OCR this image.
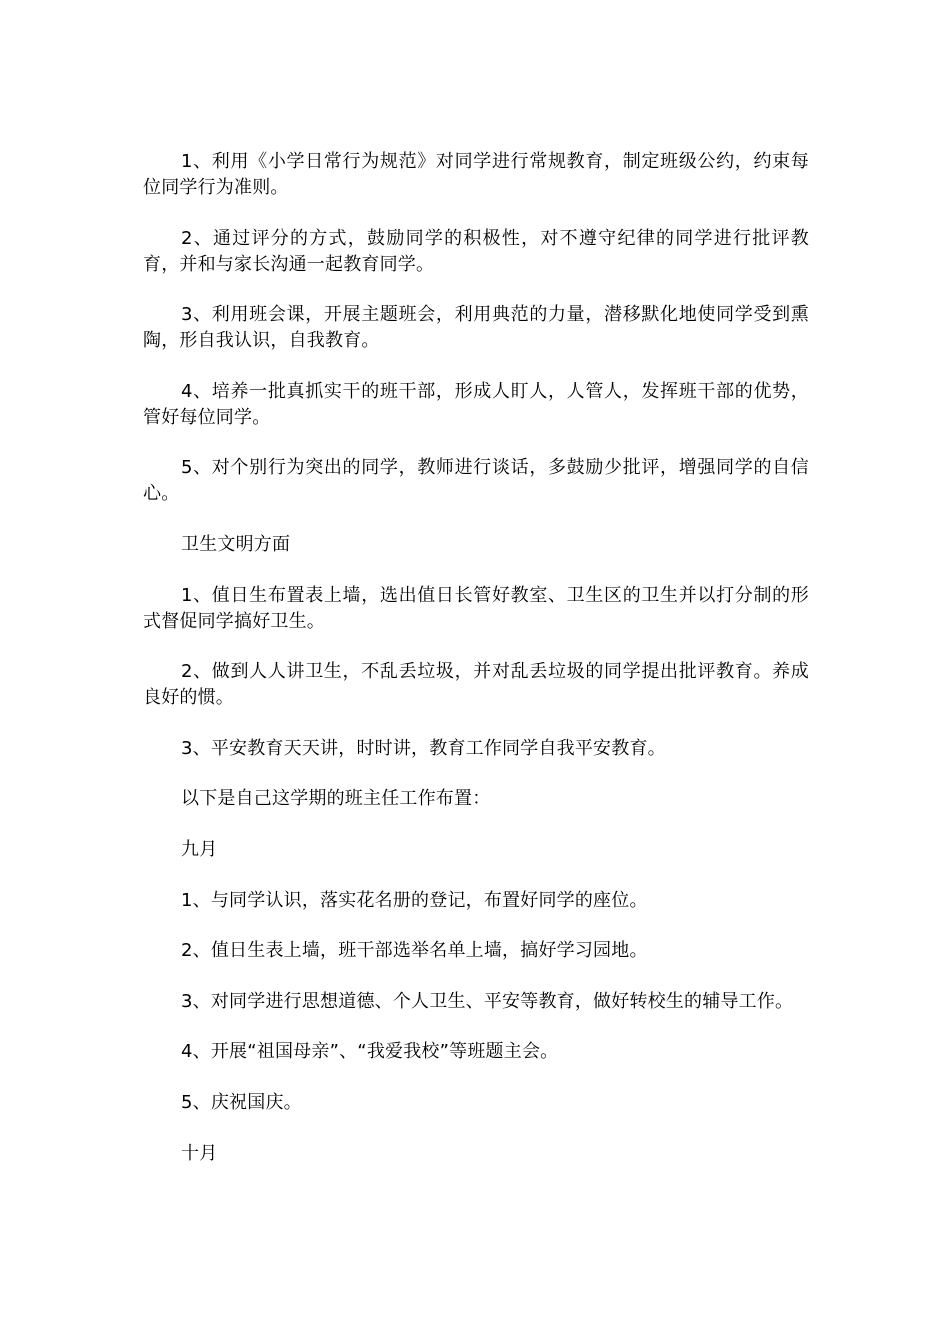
1、利用《小学日常行为规范》对同学进行常规教育，制定班级公约，约束每位同学行为准则。

2、通过评分的方式，鼓励同学的积极性，对不遵守纪律的同学进行批评教育，并和与家长沟通一起教育同学。

3、利用班会课，开展主题班会，利用典范的力量，潜移默化地使同学受到熏陶，形自我认识，自我教育。

4、培养一批真抓实干的班干部，形成人盯人，人管人，发挥班干部的优势，管好每位同学。

5、对个别行为突出的同学，教师进行谈话，多鼓励少批评，增强同学的自信心。

卫生文明方面

1、值日生布置表上墙，选出值日长管好教室、卫生区的卫生并以打分制的形式督促同学搞好卫生。

2、做到人人讲卫生，不乱丢垃圾，并对乱丢垃圾的同学提出批评教育。养成良好的惯。

3、平安教育天天讲，时时讲，教育工作同学自我平安教育。

以下是自己这学期的班主任工作布置：

九月

1、与同学认识，落实花名册的登记，布置好同学的座位。

2、值日生表上墙，班干部选举名单上墙，搞好学习园地。

3、对同学进行思想道德、个人卫生、平安等教育，做好转校生的辅导工作。

4、开展“祖国母亲”、“我爱我校”等班题主会。

5、庆祝国庆。

十月
